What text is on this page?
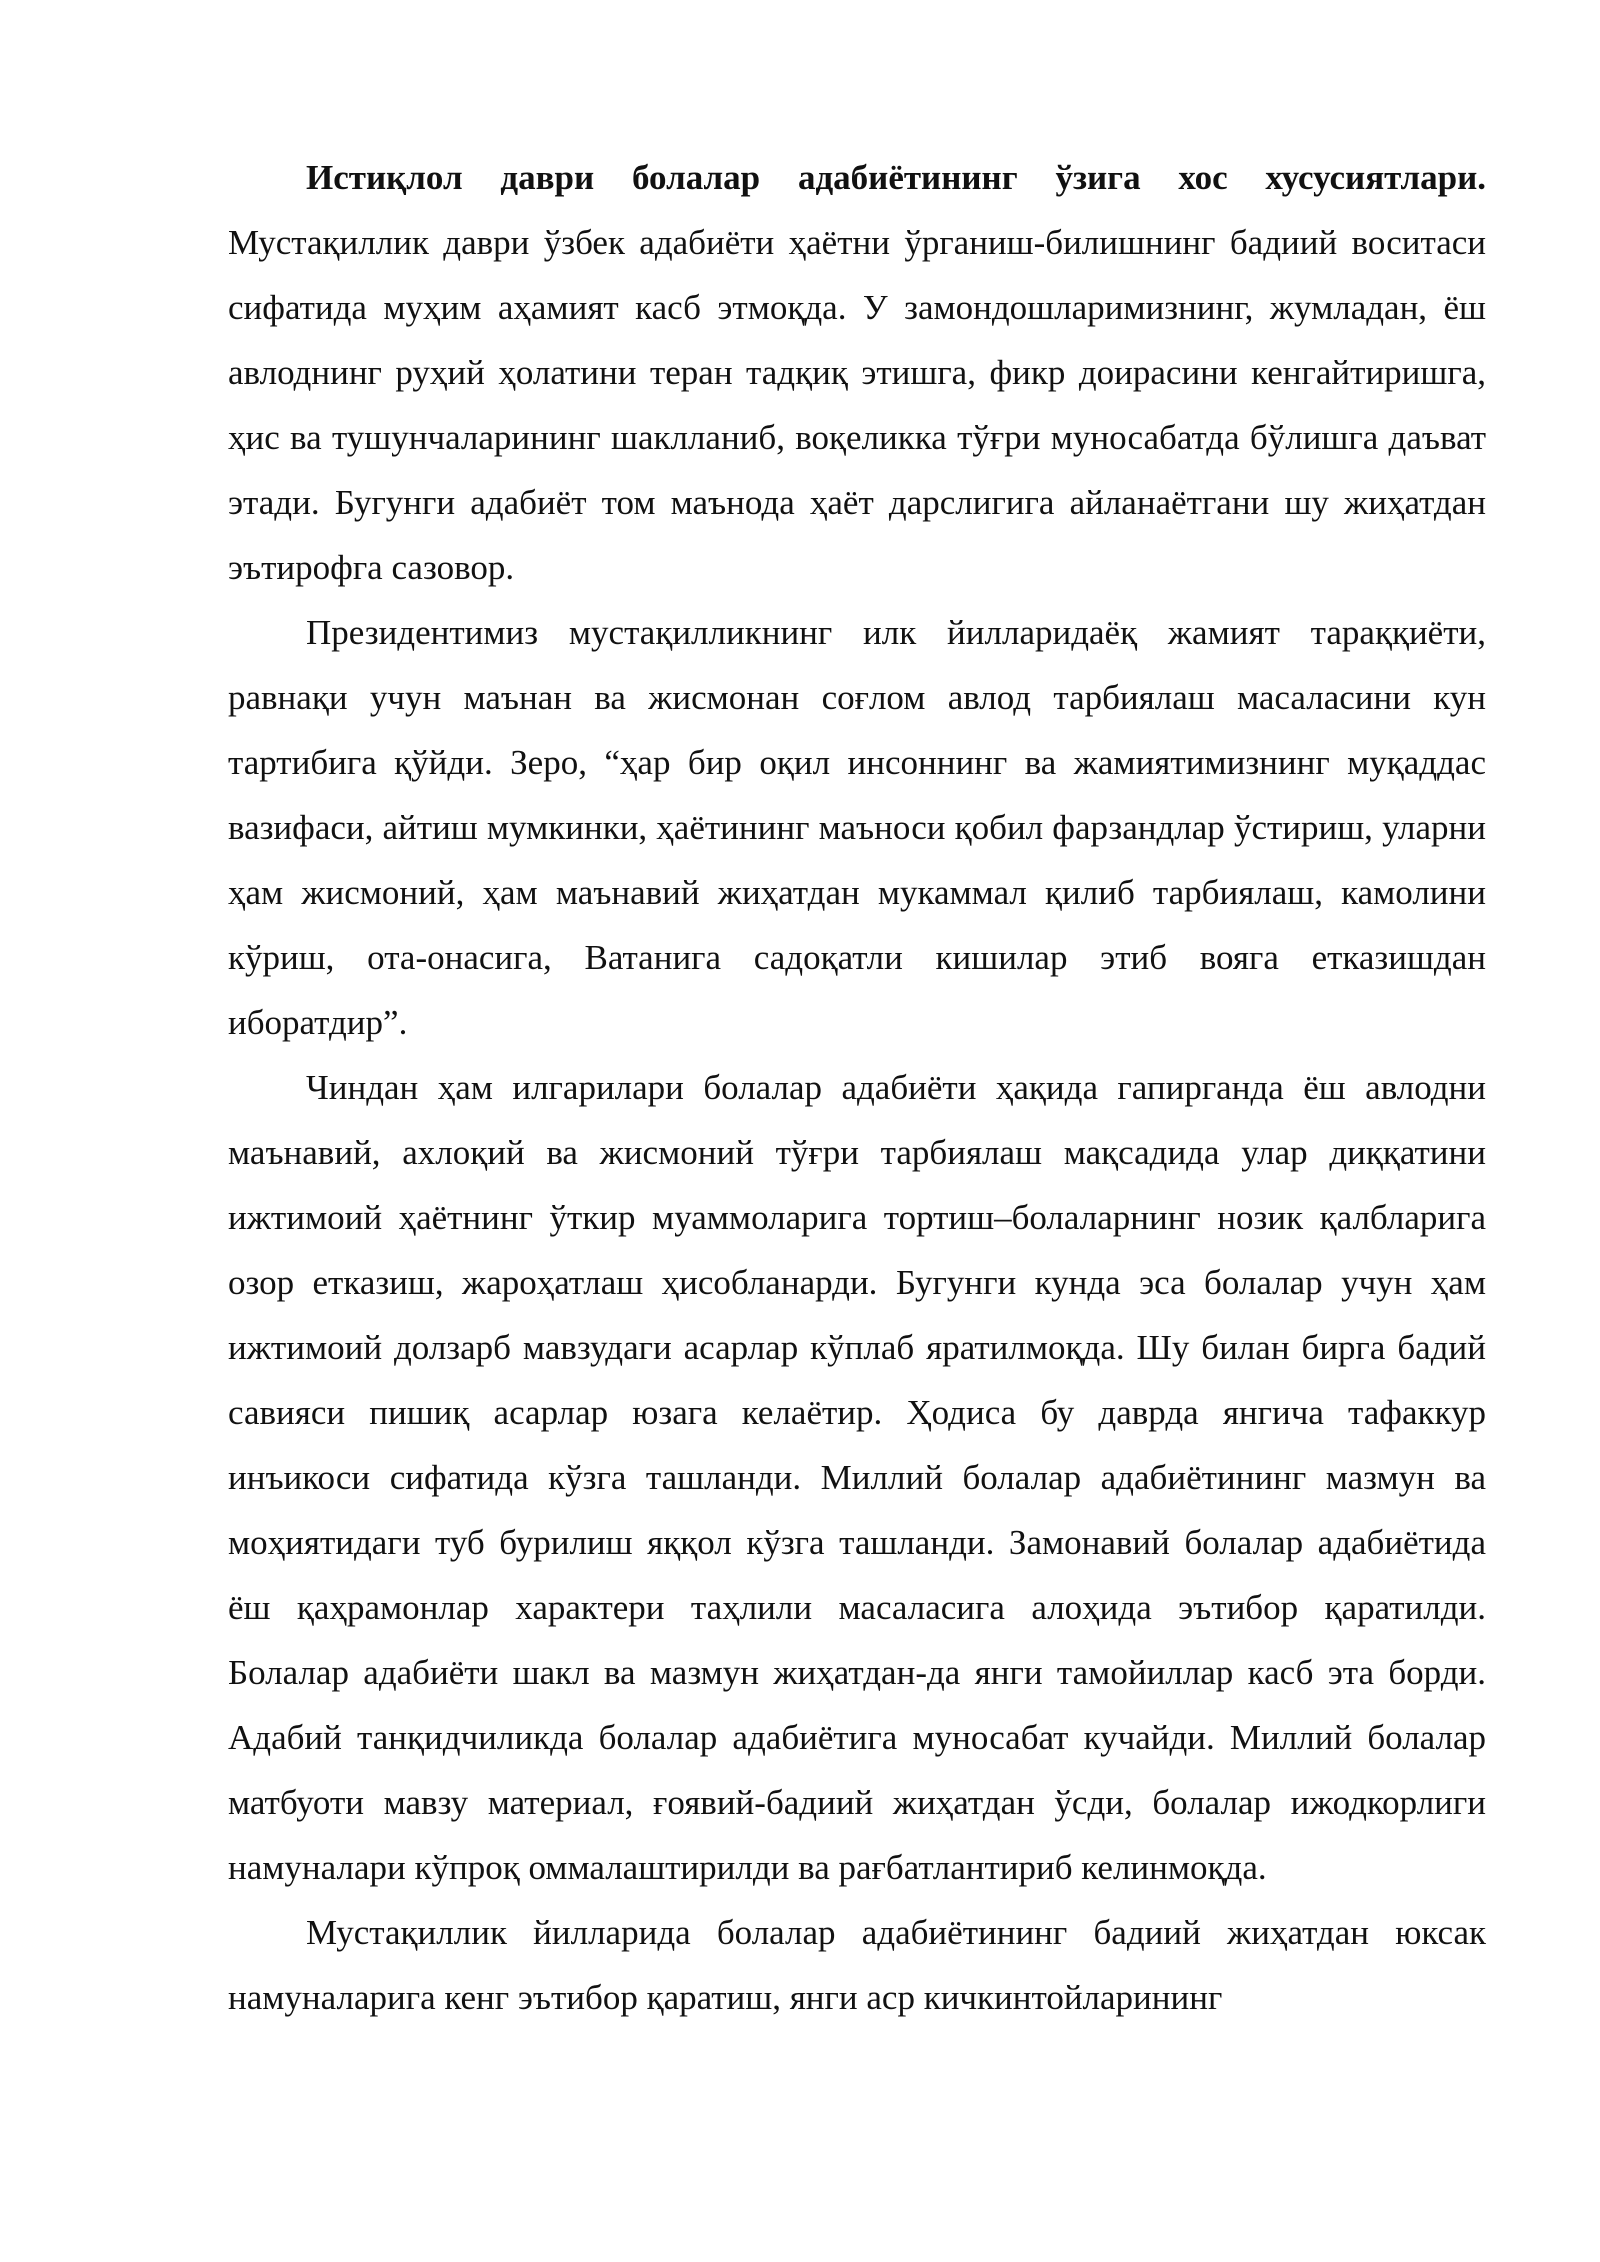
Истиқлол даври болалар адабиётининг ўзига хос хусусиятлари. Мустақиллик даври ўзбек адабиёти ҳаётни ўрганиш-билишнинг бадиий воситаси сифатида муҳим аҳамият касб этмоқда. У замондошларимизнинг, жумладан, ёш авлоднинг руҳий ҳолатини теран тадқиқ этишга, фикр доирасини кенгайтиришга, ҳис ва тушунчаларининг шаклланиб, воқеликка тўғри муносабатда бўлишга даъват этади. Бугунги адабиёт том маънода ҳаёт дарслигига айланаётгани шу жиҳатдан эътирофга сазовор.

Президентимиз мустақилликнинг илк йилларидаёқ жамият тараққиёти, равнақи учун маънан ва жисмонан соғлом авлод тарбиялаш масаласини кун тартибига қўйди. Зеро, “ҳар бир оқил инсоннинг ва жамиятимизнинг муқаддас вазифаси, айтиш мумкинки, ҳаётининг маъноси қобил фарзандлар ўстириш, уларни ҳам жисмоний, ҳам маънавий жиҳатдан мукаммал қилиб тарбиялаш, камолини кўриш, ота-онасига, Ватанига садоқатли кишилар этиб вояга етказишдан иборатдир”.

Чиндан ҳам илгарилари болалар адабиёти ҳақида гапирганда ёш авлодни маънавий, ахлоқий ва жисмоний тўғри тарбиялаш мақсадида улар диққатини ижтимоий ҳаётнинг ўткир муаммоларига тортиш–болаларнинг нозик қалбларига озор етказиш, жароҳатлаш ҳисобланарди. Бугунги кунда эса болалар учун ҳам ижтимоий долзарб мавзудаги асарлар кўплаб яратилмоқда. Шу билан бирга бадий савияси пишиқ асарлар юзага келаётир. Ҳодиса бу даврда янгича тафаккур инъикоси сифатида кўзга ташланди. Миллий болалар адабиётининг мазмун ва моҳиятидаги туб бурилиш яққол кўзга ташланди. Замонавий болалар адабиётида ёш қаҳрамонлар характери таҳлили масаласига алоҳида эътибор қаратилди. Болалар адабиёти шакл ва мазмун жиҳатдан-да янги тамойиллар касб эта борди. Адабий танқидчиликда болалар адабиётига муносабат кучайди. Миллий болалар матбуоти мавзу материал, ғоявий-бадиий жиҳатдан ўсди, болалар ижодкорлиги намуналари кўпроқ оммалаштирилди ва рағбатлантириб келинмоқда.

Мустақиллик йилларида болалар адабиётининг бадиий жиҳатдан юксак намуналарига кенг эътибор қаратиш, янги аср кичкинтойларининг
